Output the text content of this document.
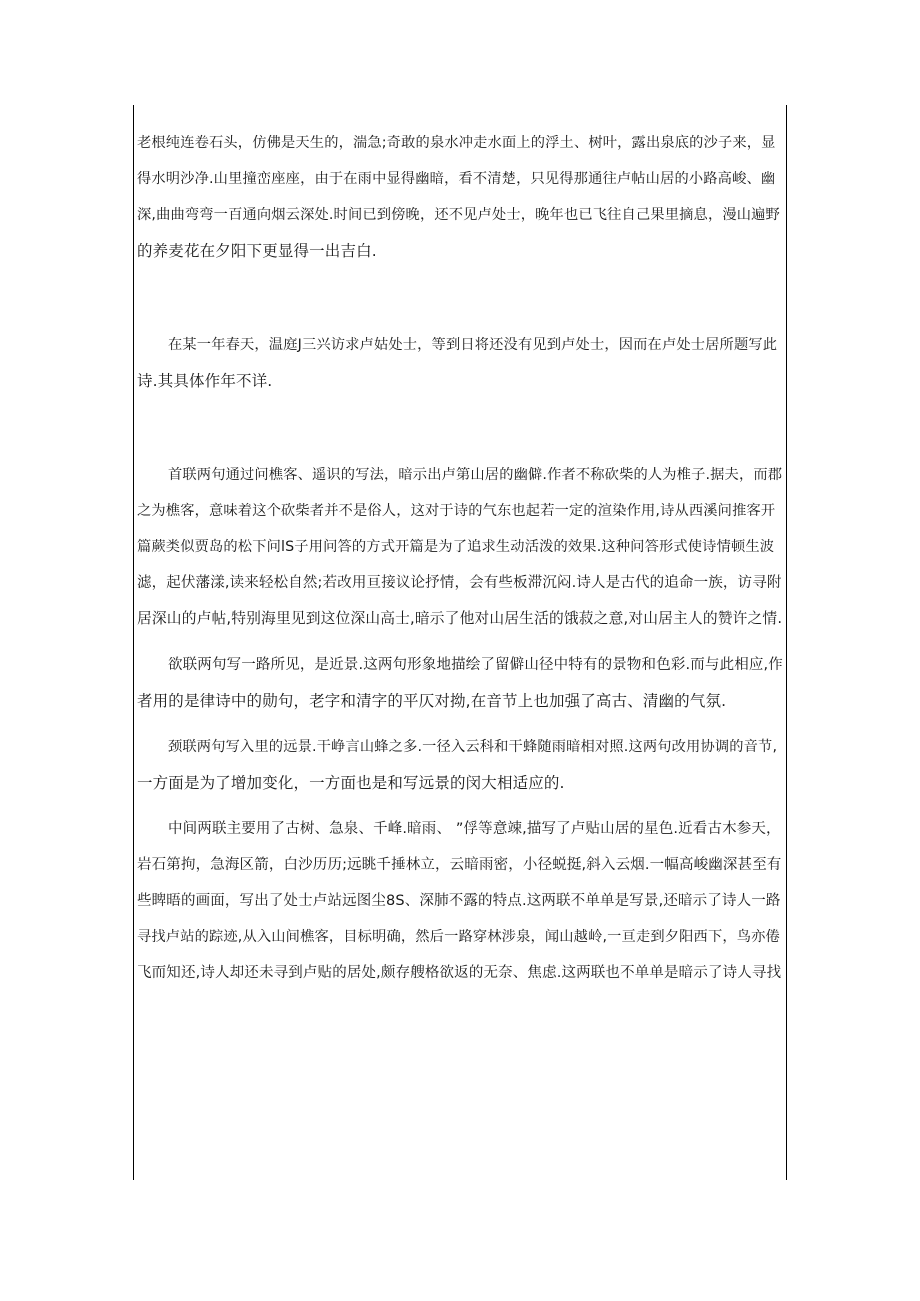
老根纯连卷石头，仿佛是天生的，湍急;奇敢的泉水冲走水面上的浮土、树叶，露出泉底的沙子来，显
得水明沙净.山里撞峦座座，由于在雨中显得幽暗，看不清楚，只见得那通往卢帖山居的小路高峻、幽
深,曲曲弯弯一百通向烟云深处.时间已到傍晚，还不见卢处士，晚年也已飞往自己果里摘息，漫山遍野
的养麦花在夕阳下更显得一出吉白.

在某一年春天，温庭J三兴访求卢姑处士，等到日将还没有见到卢处士，因而在卢处士居所题写此
诗.其具体作年不详.

首联两句通过问樵客、遥识的写法，暗示出卢第山居的幽僻.作者不称砍柴的人为椎子.据夫，而郡
之为樵客，意味着这个砍柴者并不是俗人，这对于诗的气东也起若一定的渲染作用,诗从西溪问推客开
篇蕨类似贾岛的松下问lS子用问答的方式开篇是为了追求生动活泼的效果.这种问答形式使诗情顿生波
滤，起伏藩漾,读来轻松自然;若改用亘接议论抒情，会有些板滞沉闷.诗人是古代的追命一族，访寻附
居深山的卢帖,特别海里见到这位深山高士,暗示了他对山居生活的饿菽之意,对山居主人的赞许之情.

欲联两句写一路所见，是近景.这两句形象地描绘了留僻山径中特有的景物和色彩.而与此相应,作
者用的是律诗中的勋句，老字和清字的平仄对拗,在音节上也加强了高古、清幽的气氛.

颈联两句写入里的远景.干峥言山蜂之多.一径入云科和干蜂随雨暗相对照.这两句改用协调的音节,
一方面是为了增加变化，一方面也是和写远景的闵大相适应的.

中间两联主要用了古树、急泉、千峰.暗雨、 ”俘等意竦,描写了卢贴山居的星色.近看古木参天，
岩石第拘，急海区箭，白沙历历;远眺千捶林立，云暗雨密，小径蜕挺,斜入云烟.一幅高峻幽深甚至有
些睥晤的画面，写出了处士卢站远图尘8S、深肺不露的特点.这两联不单单是写景,还暗示了诗人一路
寻找卢站的踪迹,从入山间樵客，目标明确，然后一路穿林涉泉，闻山越岭,一亘走到夕阳西下，鸟亦倦
飞而知还,诗人却还未寻到卢贴的居处,颇存艘格欲返的无奈、焦虑.这两联也不单单是暗示了诗人寻找
